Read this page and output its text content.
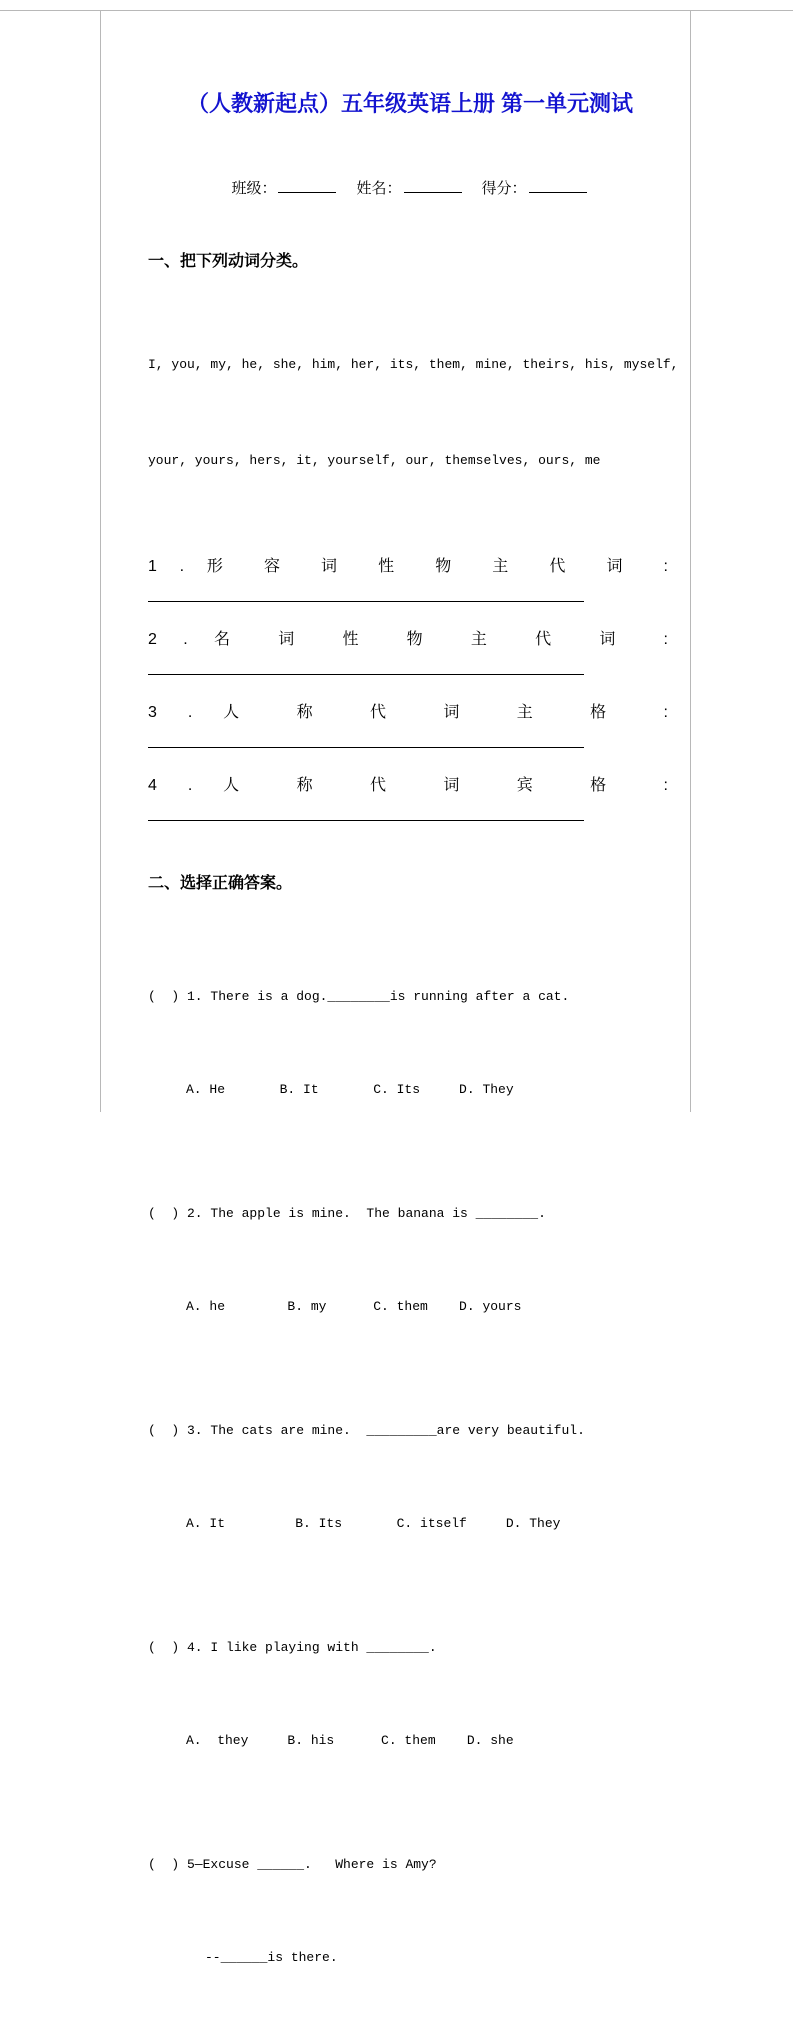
（人教新起点）五年级英语上册 第一单元测试
班级：	姓名：	得分：
一、把下列动词分类。

I, you, my, he, she, him, her, its, them, mine, theirs, his, myself,

your, yours, hers, it, yourself, our, themselves, ours, me

1 . 形 容 词 性 物 主 代 词 :
2 . 名 词 性 物 主 代 词 :
3 . 人 称 代 词 主 格 :
4 . 人 称 代 词 宾 格 :
二、选择正确答案。

(  ) 1. There is a dog.________is running after a cat.

A. He       B. It       C. Its     D. They

(  ) 2. The apple is mine.  The banana is ________.

A. he        B. my      C. them    D. yours

(  ) 3. The cats are mine.  _________are very beautiful.

A. It         B. Its       C. itself     D. They

(  ) 4. I like playing with ________.

A.  they     B. his      C. them    D. she

(  ) 5—Excuse ______.   Where is Amy?

--______is there.
